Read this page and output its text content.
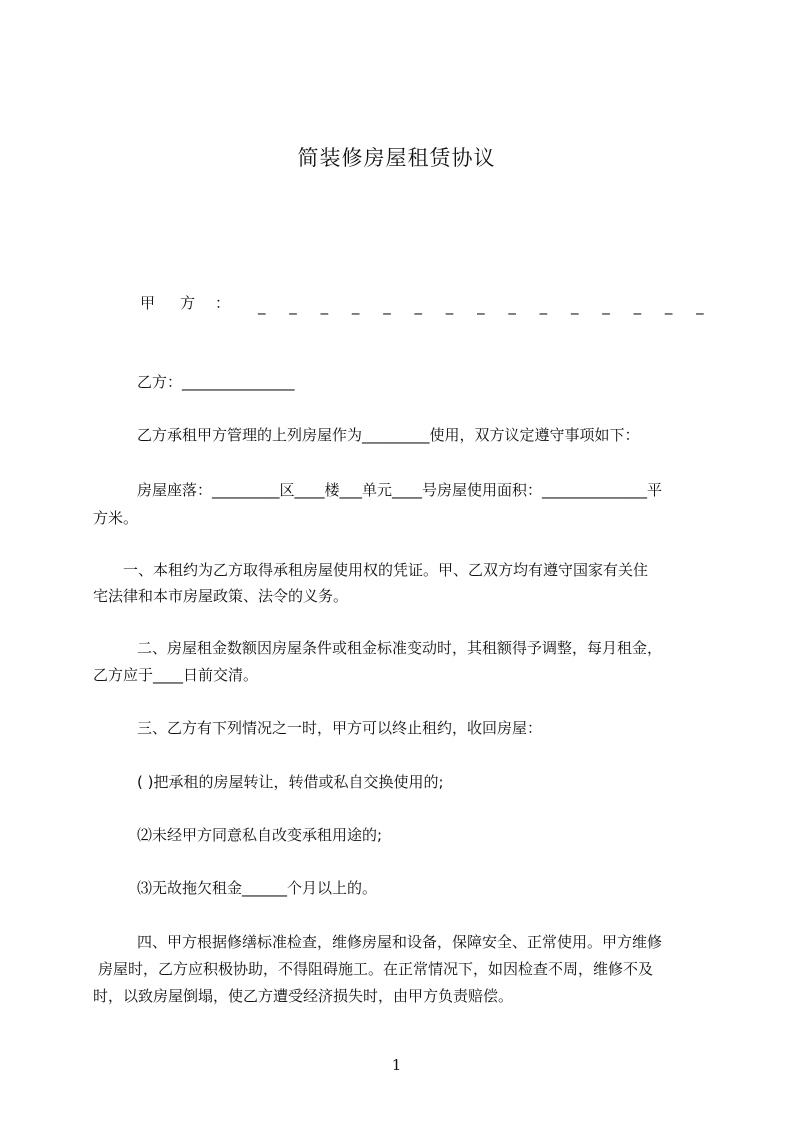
简装修房屋租赁协议
甲 方 ： _ _ _ _ _ _ _ _ _ _ _ _ _ _ _
乙方：_______________
乙方承租甲方管理的上列房屋作为_________使用，双方议定遵守事项如下：
房屋座落：_________区____楼___单元____号房屋使用面积：______________平
方米。
一、本租约为乙方取得承租房屋使用权的凭证。甲、乙双方均有遵守国家有关住
宅法律和本市房屋政策、法令的义务。
二、房屋租金数额因房屋条件或租金标准变动时，其租额得予调整，每月租金，
乙方应于____日前交清。
三、乙方有下列情况之一时，甲方可以终止租约，收回房屋：
( )把承租的房屋转让，转借或私自交换使用的;
⑵未经甲方同意私自改变承租用途的;
⑶无故拖欠租金______个月以上的。
四、甲方根据修缮标准检查，维修房屋和设备，保障安全、正常使用。甲方维修
房屋时，乙方应积极协助，不得阻碍施工。在正常情况下，如因检查不周，维修不及
时，以致房屋倒塌，使乙方遭受经济损失时，由甲方负责赔偿。
1
